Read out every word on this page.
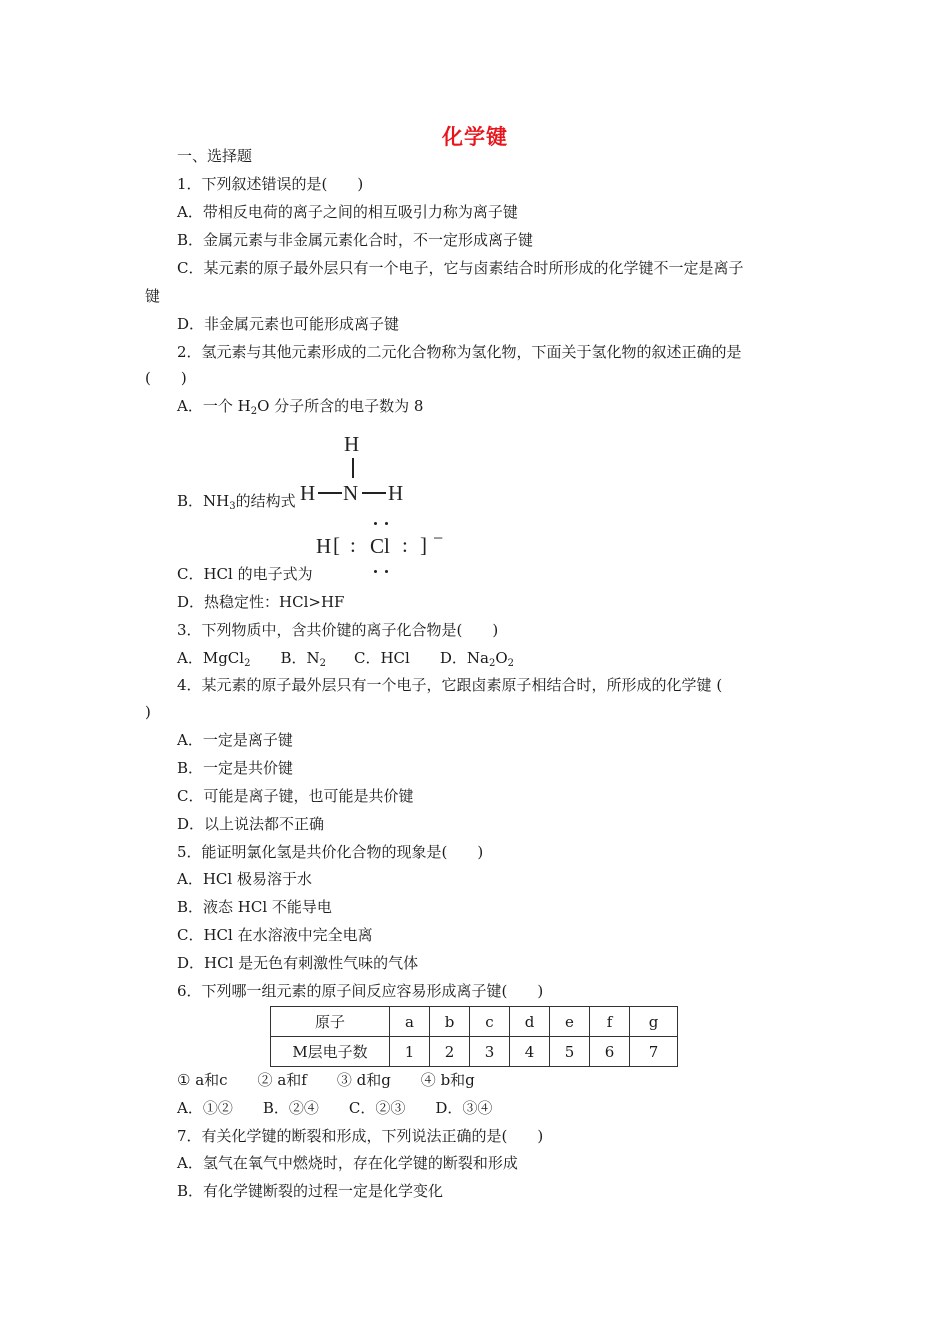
化学键
一、选择题
1．下列叙述错误的是(　　)
A．带相反电荷的离子之间的相互吸引力称为离子键
B．金属元素与非金属元素化合时，不一定形成离子键
C．某元素的原子最外层只有一个电子，它与卤素结合时所形成的化学键不一定是离子
键
D．非金属元素也可能形成离子键
2．氢元素与其他元素形成的二元化合物称为氢化物，下面关于氢化物的叙述正确的是
(　　)
A．一个 $H_2O$ 分子所含的电子数为 8
B．$NH_3$的结构式
H
H N H
H [ : Cl : ] −
C．HCl 的电子式为
D．热稳定性：HCl>HF
3．下列物质中，含共价键的离子化合物是(　　)
A．MgCl$_2$ B．$N_2$ C．HCl D．$Na_2O_2$
4．某元素的原子最外层只有一个电子，它跟卤素原子相结合时，所形成的化学键 (
)
A．一定是离子键
B．一定是共价键
C．可能是离子键，也可能是共价键
D．以上说法都不正确
5．能证明氯化氢是共价化合物的现象是(　　)
A．HCl 极易溶于水
B．液态 HCl 不能导电
C．HCl 在水溶液中完全电离
D．HCl 是无色有刺激性气味的气体
6．下列哪一组元素的原子间反应容易形成离子键(　　)
原子	a	b	c	d	e	f	g
M层电子数	1	2	3	4	5	6	7
① a和c　　② a和f　　③ d和g　　④ b和g
A．①②　　B．②④　　C．②③　　D．③④
7．有关化学键的断裂和形成，下列说法正确的是(　　)
A．氢气在氧气中燃烧时，存在化学键的断裂和形成
B．有化学键断裂的过程一定是化学变化
